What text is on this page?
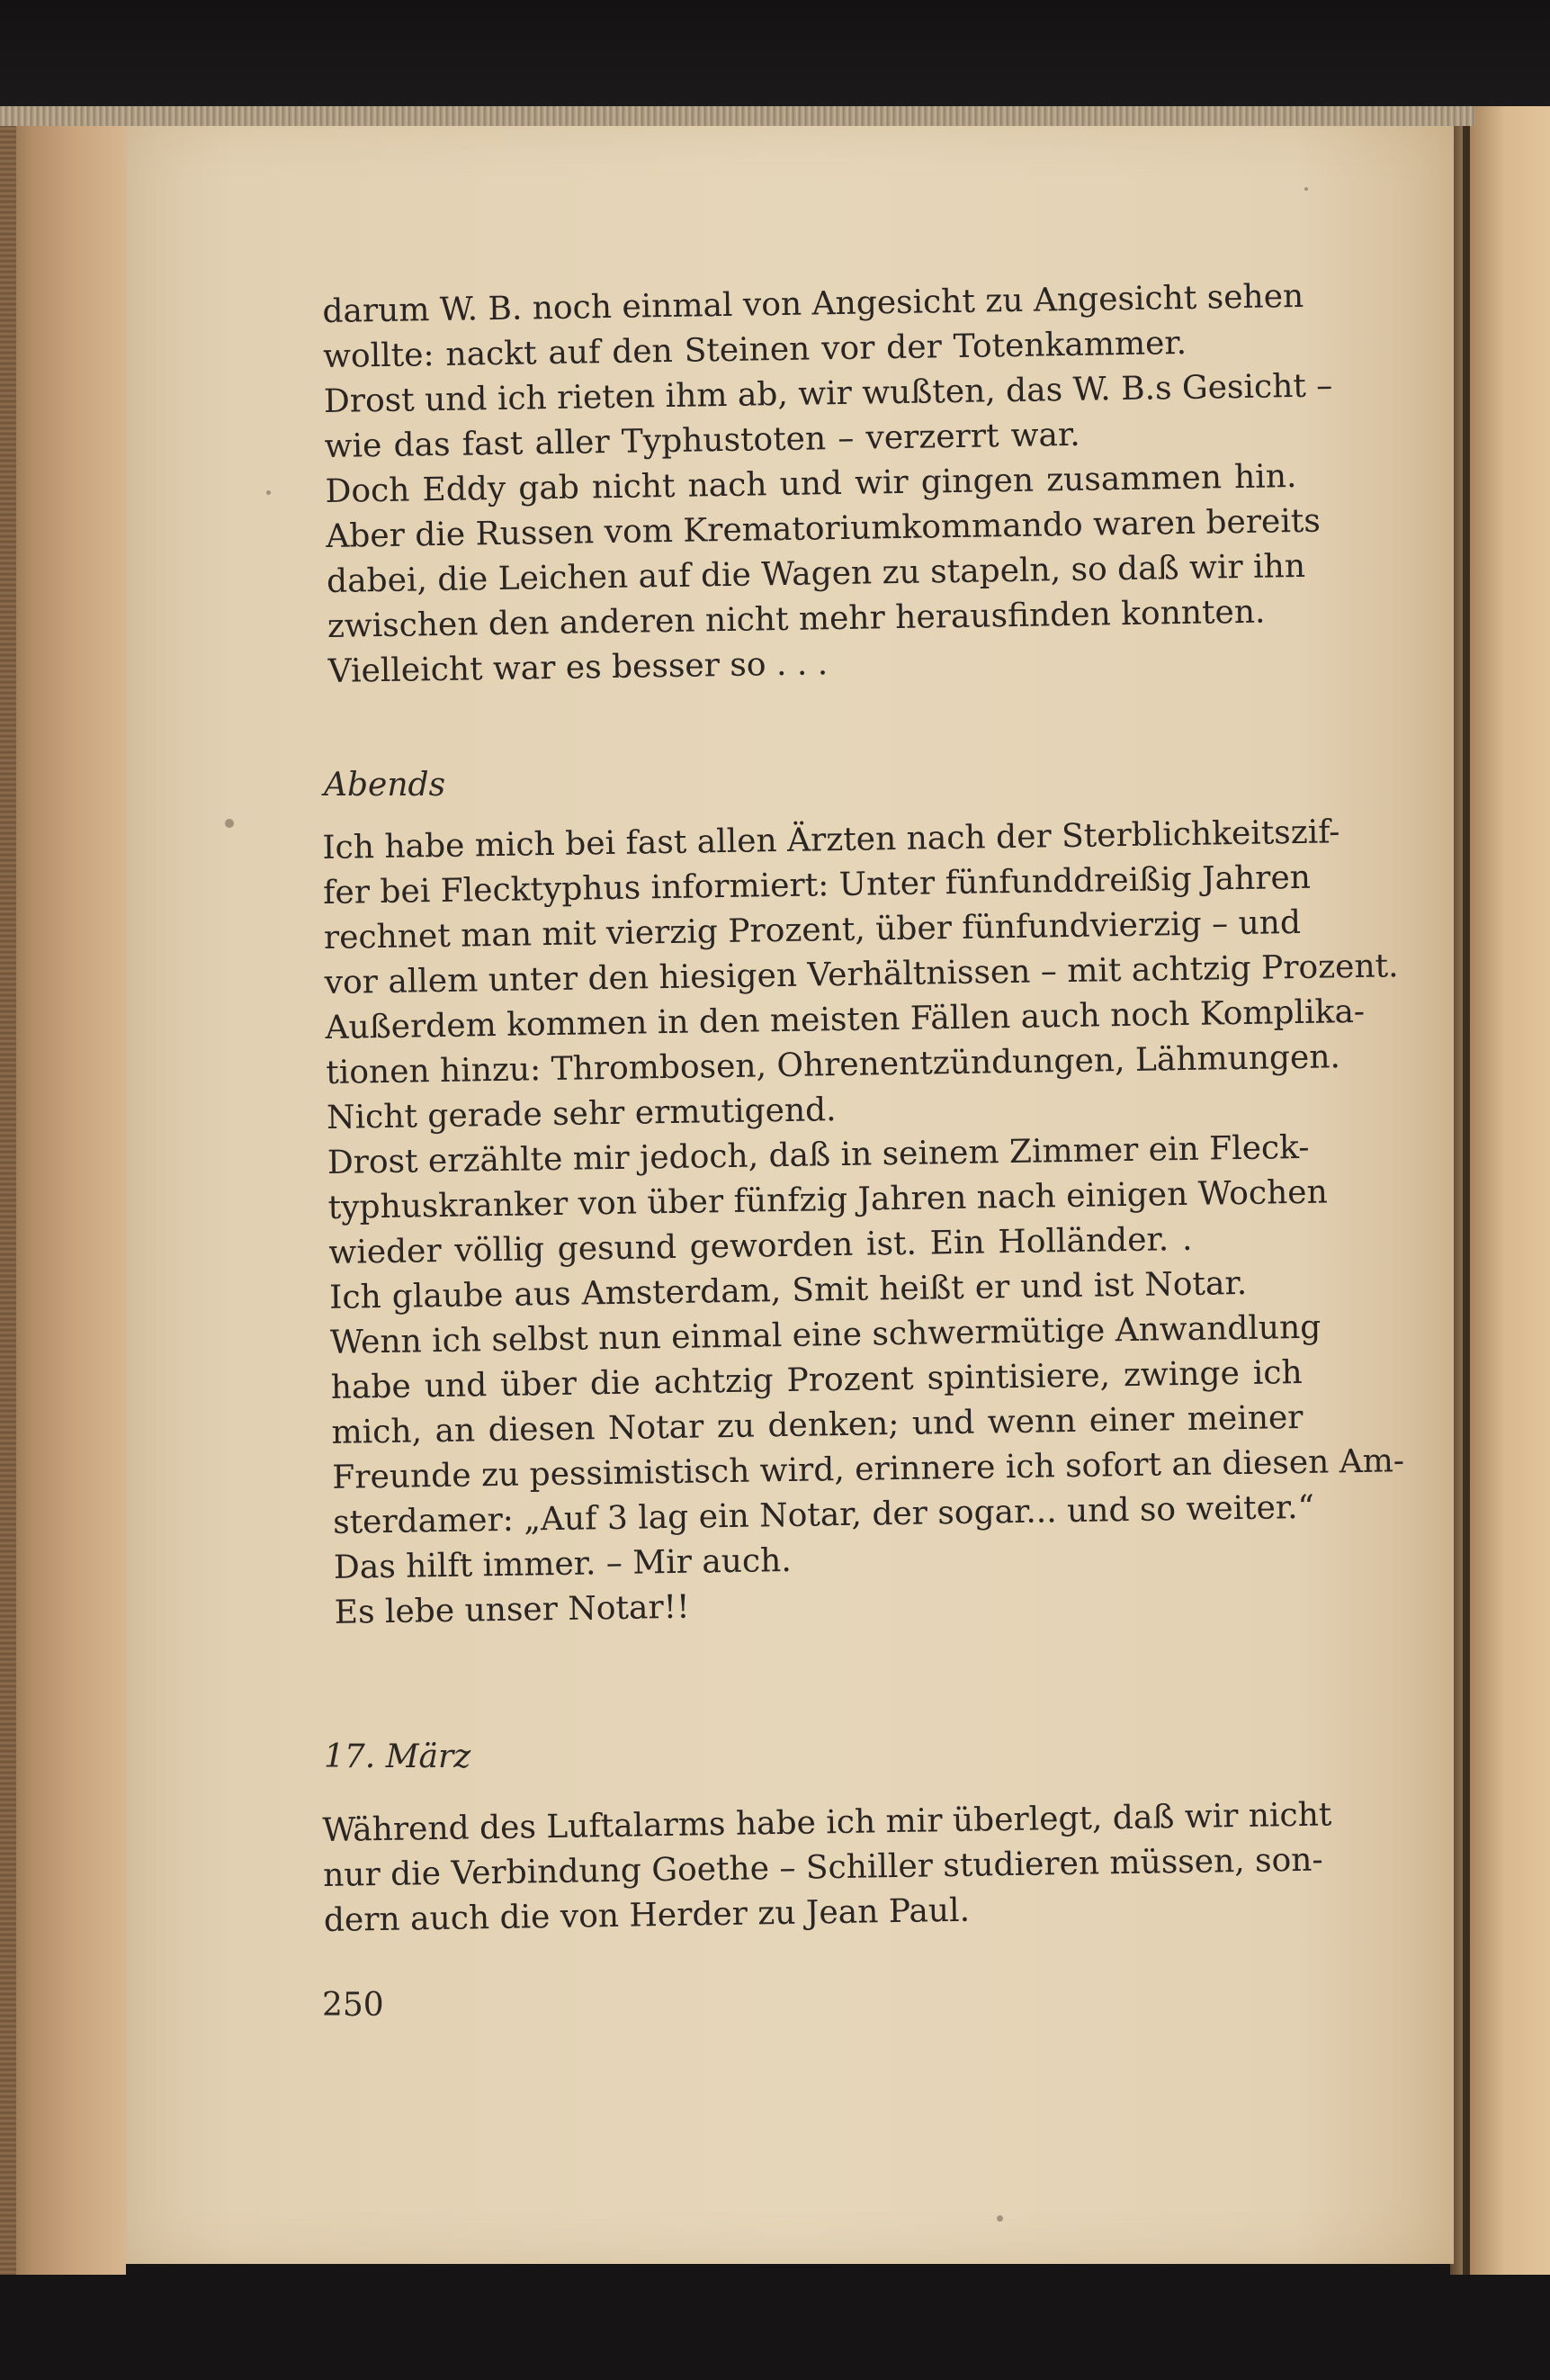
darum W. B. noch einmal von Angesicht zu Angesicht sehen
wollte: nackt auf den Steinen vor der Totenkammer.
Drost und ich rieten ihm ab, wir wußten, das W. B.s Gesicht –
wie das fast aller Typhustoten – verzerrt war.
Doch Eddy gab nicht nach und wir gingen zusammen hin.
Aber die Russen vom Krematoriumkommando waren bereits
dabei, die Leichen auf die Wagen zu stapeln, so daß wir ihn
zwischen den anderen nicht mehr herausfinden konnten.
Vielleicht war es besser so . . .
Abends
Ich habe mich bei fast allen Ärzten nach der Sterblichkeitszif-
fer bei Flecktyphus informiert: Unter fünfunddreißig Jahren
rechnet man mit vierzig Prozent, über fünfundvierzig – und
vor allem unter den hiesigen Verhältnissen – mit achtzig Prozent.
Außerdem kommen in den meisten Fällen auch noch Komplika-
tionen hinzu: Thrombosen, Ohrenentzündungen, Lähmungen.
Nicht gerade sehr ermutigend.
Drost erzählte mir jedoch, daß in seinem Zimmer ein Fleck-
typhuskranker von über fünfzig Jahren nach einigen Wochen
wieder völlig gesund geworden ist. Ein Holländer. .
Ich glaube aus Amsterdam, Smit heißt er und ist Notar.
Wenn ich selbst nun einmal eine schwermütige Anwandlung
habe und über die achtzig Prozent spintisiere, zwinge ich
mich, an diesen Notar zu denken; und wenn einer meiner
Freunde zu pessimistisch wird, erinnere ich sofort an diesen Am-
sterdamer: „Auf 3 lag ein Notar, der sogar... und so weiter.“
Das hilft immer. – Mir auch.
Es lebe unser Notar!!
17. März
Während des Luftalarms habe ich mir überlegt, daß wir nicht
nur die Verbindung Goethe – Schiller studieren müssen, son-
dern auch die von Herder zu Jean Paul.
250
